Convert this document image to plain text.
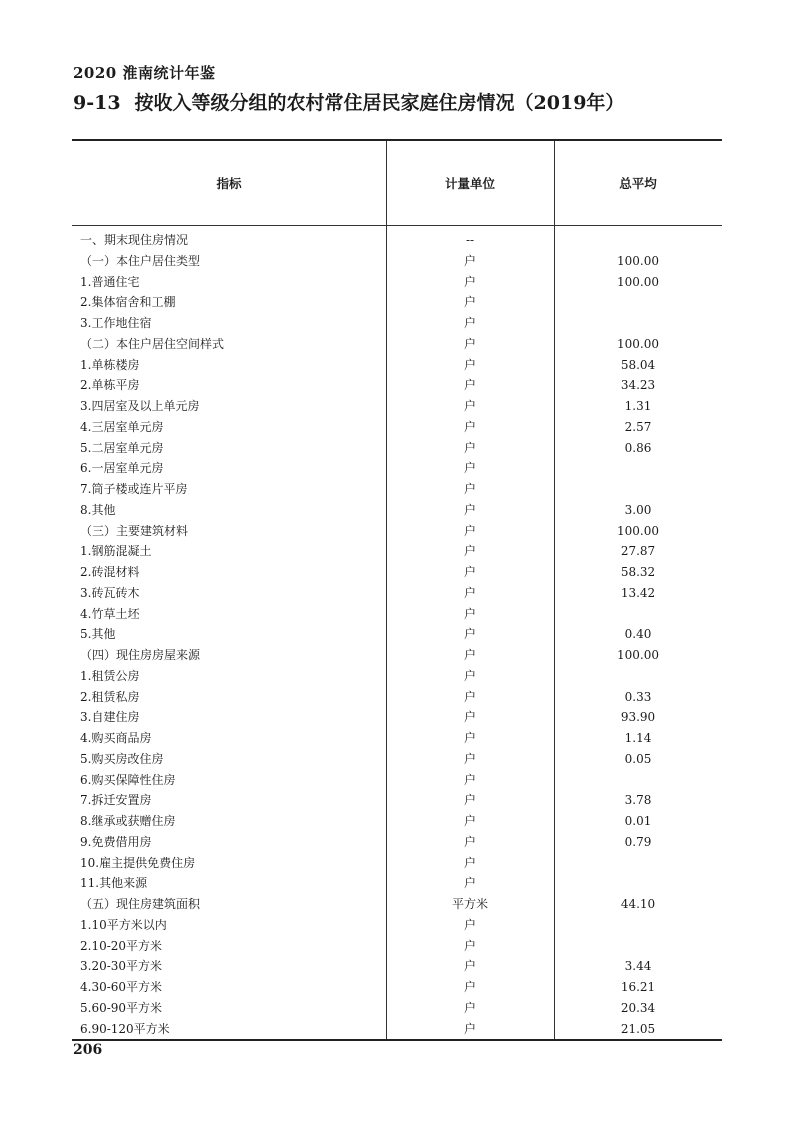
2020 淮南统计年鉴
9-13 按收入等级分组的农村常住居民家庭住房情况（2019年）
指标	计量单位	总平均
一、期末现住房情况	--
（一）本住户居住类型	户	100.00
1.普通住宅	户	100.00
2.集体宿舍和工棚	户
3.工作地住宿	户
（二）本住户居住空间样式	户	100.00
1.单栋楼房	户	58.04
2.单栋平房	户	34.23
3.四居室及以上单元房	户	1.31
4.三居室单元房	户	2.57
5.二居室单元房	户	0.86
6.一居室单元房	户
7.筒子楼或连片平房	户
8.其他	户	3.00
（三）主要建筑材料	户	100.00
1.钢筋混凝土	户	27.87
2.砖混材料	户	58.32
3.砖瓦砖木	户	13.42
4.竹草土坯	户
5.其他	户	0.40
（四）现住房房屋来源	户	100.00
1.租赁公房	户
2.租赁私房	户	0.33
3.自建住房	户	93.90
4.购买商品房	户	1.14
5.购买房改住房	户	0.05
6.购买保障性住房	户
7.拆迁安置房	户	3.78
8.继承或获赠住房	户	0.01
9.免费借用房	户	0.79
10.雇主提供免费住房	户
11.其他来源	户
（五）现住房建筑面积	平方米	44.10
1.10平方米以内	户
2.10-20平方米	户
3.20-30平方米	户	3.44
4.30-60平方米	户	16.21
5.60-90平方米	户	20.34
6.90-120平方米	户	21.05
206
